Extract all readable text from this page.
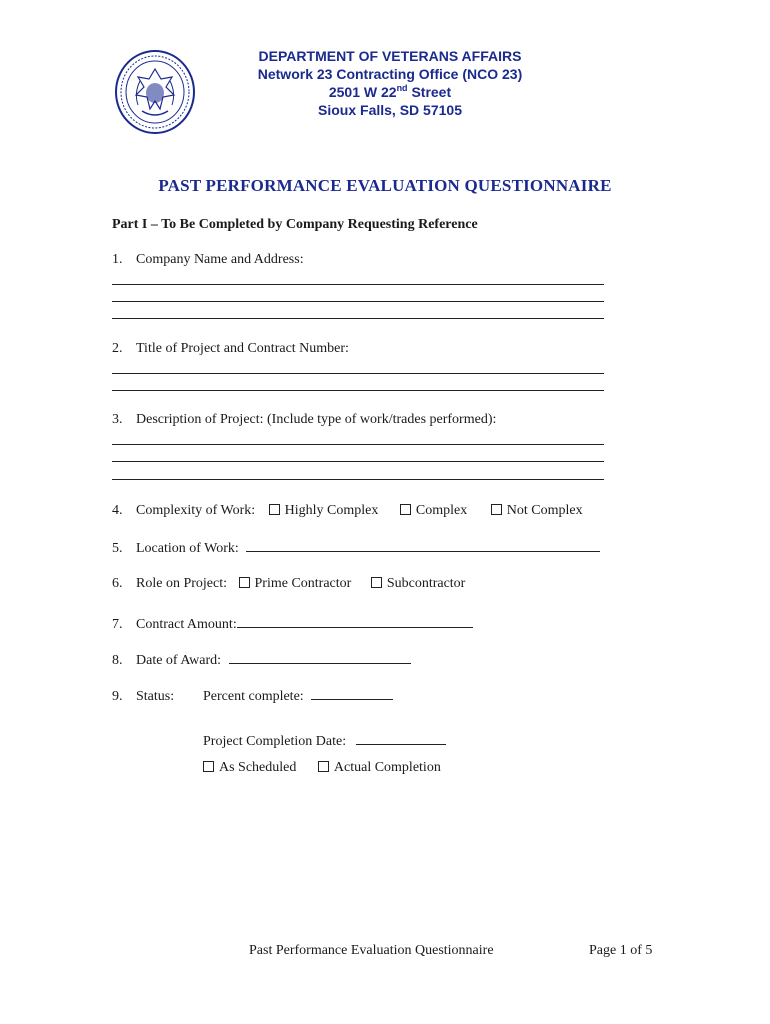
DEPARTMENT OF VETERANS AFFAIRS
Network 23 Contracting Office (NCO 23)
2501 W 22nd Street
Sioux Falls, SD 57105
PAST PERFORMANCE EVALUATION QUESTIONNAIRE
Part I – To Be Completed by Company Requesting Reference
1. Company Name and Address:
2. Title of Project and Contract Number:
3. Description of Project: (Include type of work/trades performed):
4. Complexity of Work: Highly Complex	Complex	Not Complex
5. Location of Work:
6. Role on Project: Prime Contractor	Subcontractor
7. Contract Amount:
8. Date of Award:
9. Status: Percent complete:
Project Completion Date:
As Scheduled	Actual Completion
Past Performance Evaluation Questionnaire	Page 1 of 5
